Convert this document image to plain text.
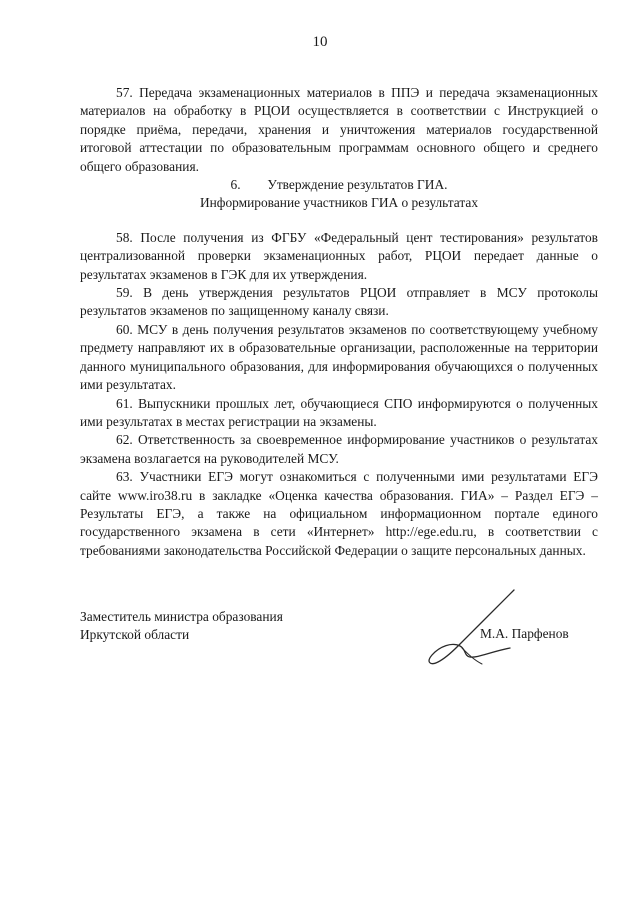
10

57. Передача экзаменационных материалов в ППЭ и передача экзаменационных материалов на обработку в РЦОИ осуществляется в соответствии с Инструкцией о порядке приёма, передачи, хранения и уничтожения материалов государственной итоговой аттестации по образовательным программам основного общего и среднего общего образования.

6.  Утверждение результатов ГИА.

Информирование участников ГИА о результатах

58. После получения из ФГБУ «Федеральный цент тестирования» результатов централизованной проверки экзаменационных работ, РЦОИ передает данные о результатах экзаменов в ГЭК для их утверждения.

59. В день утверждения результатов РЦОИ отправляет в МСУ протоколы результатов экзаменов по защищенному каналу связи.

60. МСУ в день получения результатов экзаменов по соответствующему учебному предмету направляют их в образовательные организации, расположенные на территории данного муниципального образования, для информирования обучающихся о полученных ими результатах.

61. Выпускники прошлых лет, обучающиеся СПО информируются о полученных ими результатах в местах регистрации на экзамены.

62. Ответственность за своевременное информирование участников о результатах экзамена возлагается на руководителей МСУ.

63. Участники ЕГЭ могут ознакомиться с полученными ими результатами ЕГЭ сайте www.iro38.ru в закладке «Оценка качества образования. ГИА» – Раздел ЕГЭ – Результаты ЕГЭ, а также на официальном информационном портале единого государственного экзамена в сети «Интернет» http://ege.edu.ru, в соответствии с требованиями законодательства Российской Федерации о защите персональных данных.

Заместитель министра образования
Иркутской области	М.А. Парфенов
